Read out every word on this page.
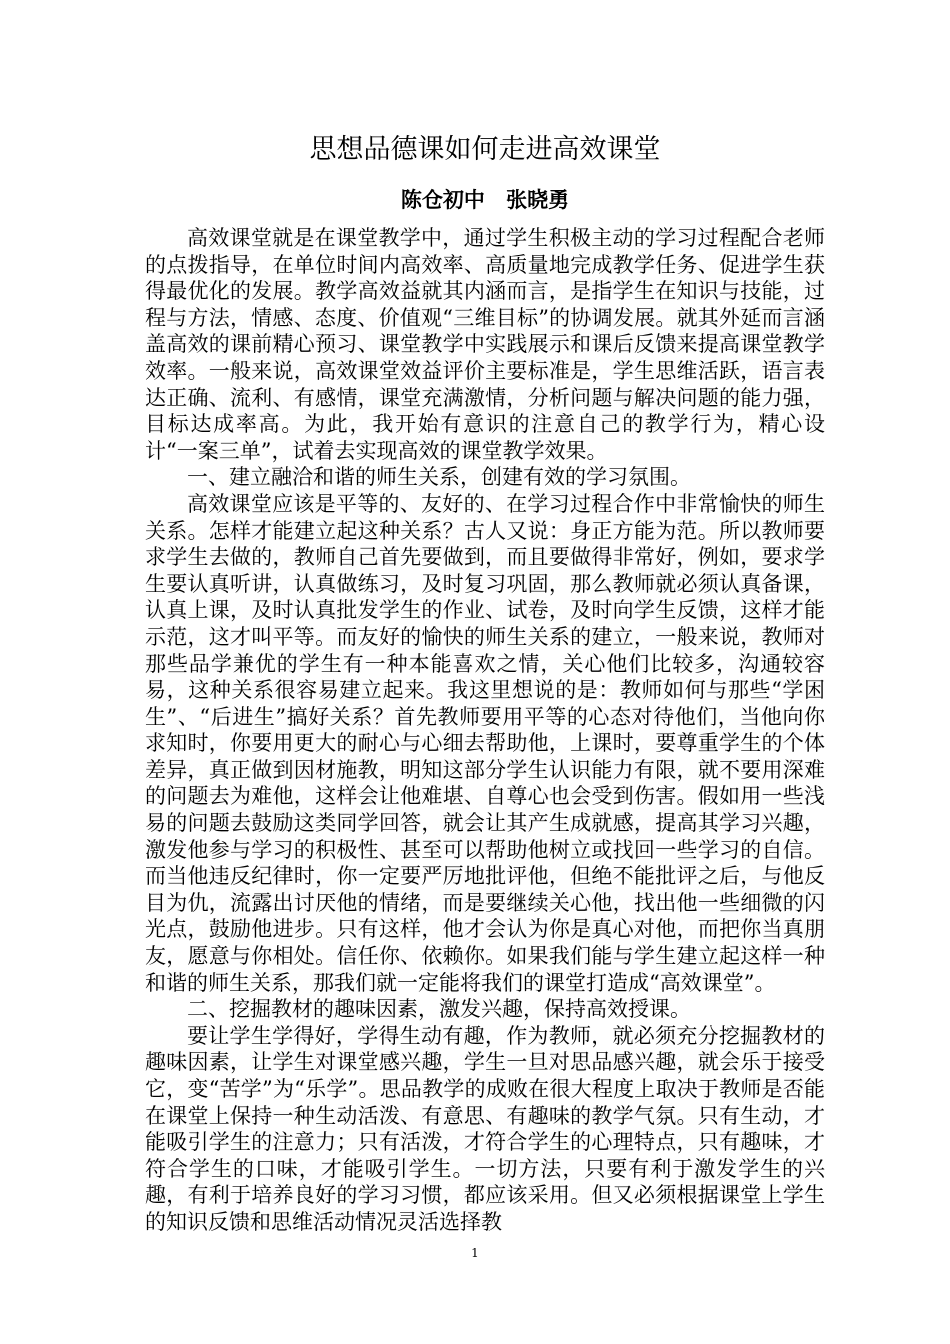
思想品德课如何走进高效课堂
陈仓初中 张晓勇

高效课堂就是在课堂教学中，通过学生积极主动的学习过程配合老师的点拨指导，在单位时间内高效率、高质量地完成教学任务、促进学生获得最优化的发展。教学高效益就其内涵而言，是指学生在知识与技能，过程与方法，情感、态度、价值观“三维目标”的协调发展。就其外延而言涵盖高效的课前精心预习、课堂教学中实践展示和课后反馈来提高课堂教学效率。一般来说，高效课堂效益评价主要标准是，学生思维活跃，语言表达正确、流利、有感情，课堂充满激情，分析问题与解决问题的能力强，目标达成率高。为此，我开始有意识的注意自己的教学行为，精心设计“一案三单”，试着去实现高效的课堂教学效果。

一、建立融洽和谐的师生关系，创建有效的学习氛围。

高效课堂应该是平等的、友好的、在学习过程合作中非常愉快的师生关系。怎样才能建立起这种关系？古人又说：身正方能为范。所以教师要求学生去做的，教师自己首先要做到，而且要做得非常好，例如，要求学生要认真听讲，认真做练习，及时复习巩固，那么教师就必须认真备课，认真上课，及时认真批发学生的作业、试卷，及时向学生反馈，这样才能示范，这才叫平等。而友好的愉快的师生关系的建立，一般来说，教师对那些品学兼优的学生有一种本能喜欢之情，关心他们比较多，沟通较容易，这种关系很容易建立起来。我这里想说的是：教师如何与那些“学困生”、“后进生”搞好关系？首先教师要用平等的心态对待他们，当他向你求知时，你要用更大的耐心与心细去帮助他，上课时，要尊重学生的个体差异，真正做到因材施教，明知这部分学生认识能力有限，就不要用深难的问题去为难他，这样会让他难堪、自尊心也会受到伤害。假如用一些浅易的问题去鼓励这类同学回答，就会让其产生成就感，提高其学习兴趣，激发他参与学习的积极性、甚至可以帮助他树立或找回一些学习的自信。而当他违反纪律时，你一定要严厉地批评他，但绝不能批评之后，与他反目为仇，流露出讨厌他的情绪，而是要继续关心他，找出他一些细微的闪光点，鼓励他进步。只有这样，他才会认为你是真心对他，而把你当真朋友，愿意与你相处。信任你、依赖你。如果我们能与学生建立起这样一种和谐的师生关系，那我们就一定能将我们的课堂打造成“高效课堂”。

二、挖掘教材的趣味因素，激发兴趣，保持高效授课。

要让学生学得好，学得生动有趣，作为教师，就必须充分挖掘教材的趣味因素，让学生对课堂感兴趣，学生一旦对思品感兴趣，就会乐于接受它，变“苦学”为“乐学”。思品教学的成败在很大程度上取决于教师是否能在课堂上保持一种生动活泼、有意思、有趣味的教学气氛。只有生动，才能吸引学生的注意力；只有活泼，才符合学生的心理特点，只有趣味，才符合学生的口味，才能吸引学生。一切方法，只要有利于激发学生的兴趣，有利于培养良好的学习习惯，都应该采用。但又必须根据课堂上学生的知识反馈和思维活动情况灵活选择教

1
